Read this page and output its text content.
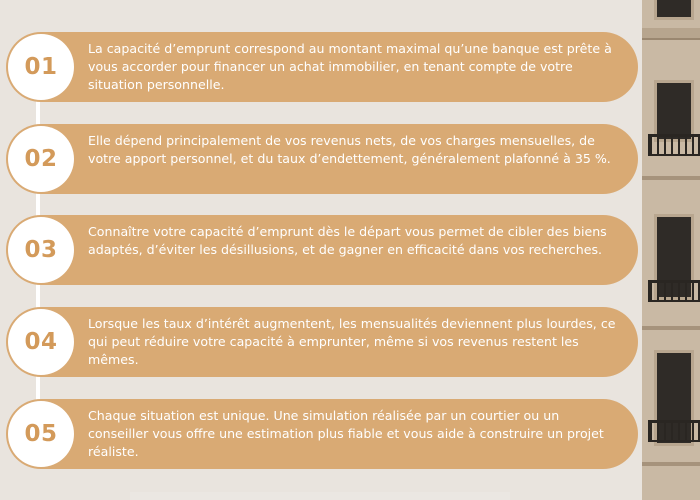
01
La capacité d’emprunt correspond au montant maximal qu’une banque est prête à vous accorder pour financer un achat immobilier, en tenant compte de votre situation personnelle.
02
Elle dépend principalement de vos revenus nets, de vos charges mensuelles, de votre apport personnel, et du taux d’endettement, généralement plafonné à 35 %.
03
Connaître votre capacité d’emprunt dès le départ vous permet de cibler des biens adaptés, d’éviter les désillusions, et de gagner en efficacité dans vos recherches.
04
Lorsque les taux d’intérêt augmentent, les mensualités deviennent plus lourdes, ce qui peut réduire votre capacité à emprunter, même si vos revenus restent les mêmes.
05
Chaque situation est unique. Une simulation réalisée par un courtier ou un conseiller vous offre une estimation plus fiable et vous aide à construire un projet réaliste.
